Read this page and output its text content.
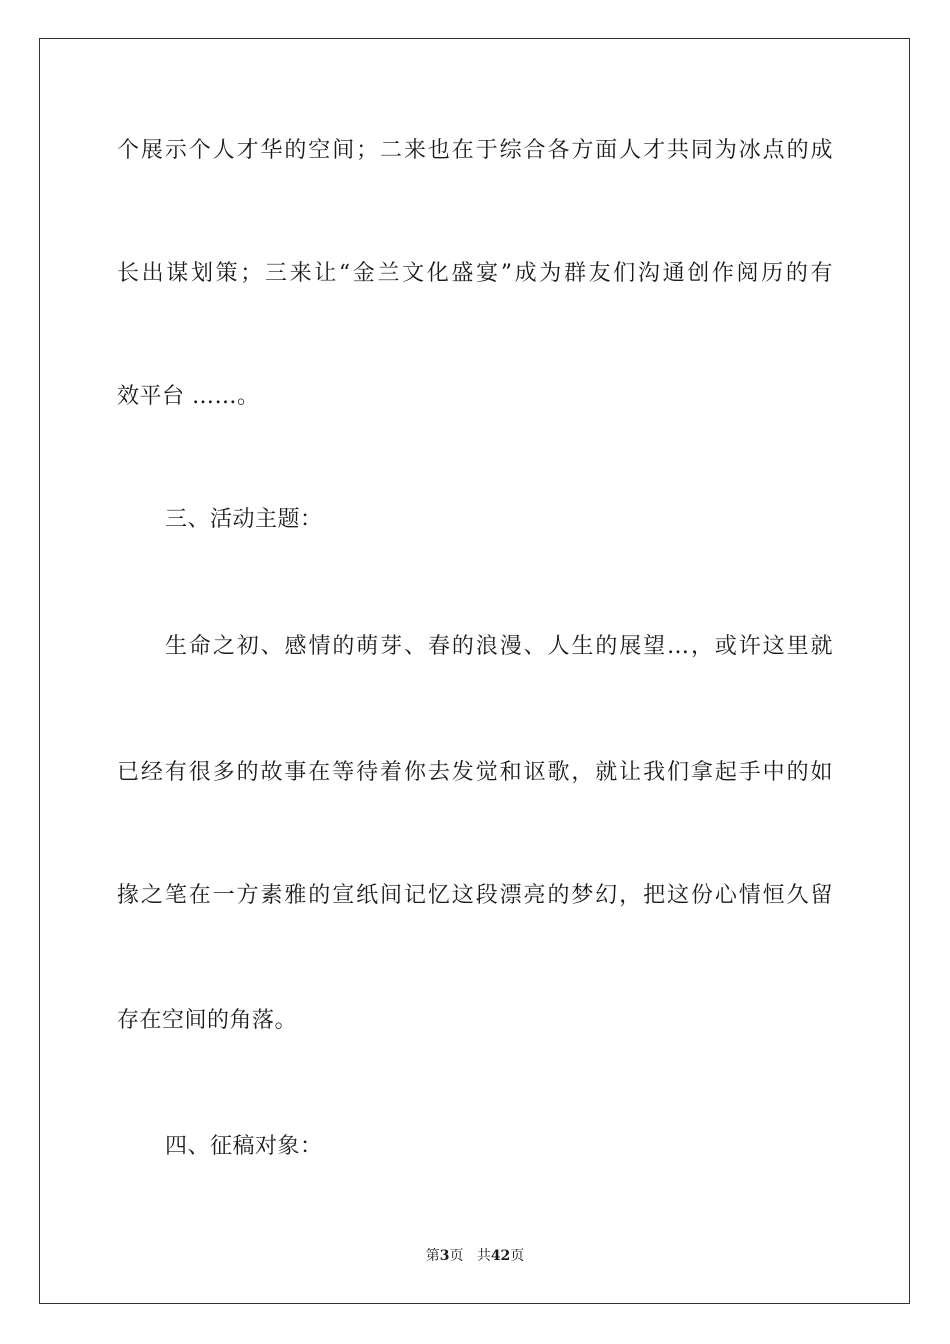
个展示个人才华的空间；二来也在于综合各方面人才共同为冰点的成
长出谋划策；三来让“金兰文化盛宴”成为群友们沟通创作阅历的有
效平台 ……。
三、活动主题：
生命之初、感情的萌芽、春的浪漫、人生的展望…，或许这里就
已经有很多的故事在等待着你去发觉和讴歌，就让我们拿起手中的如
掾之笔在一方素雅的宣纸间记忆这段漂亮的梦幻，把这份心情恒久留
存在空间的角落。
四、征稿对象：
第3页 共42页
